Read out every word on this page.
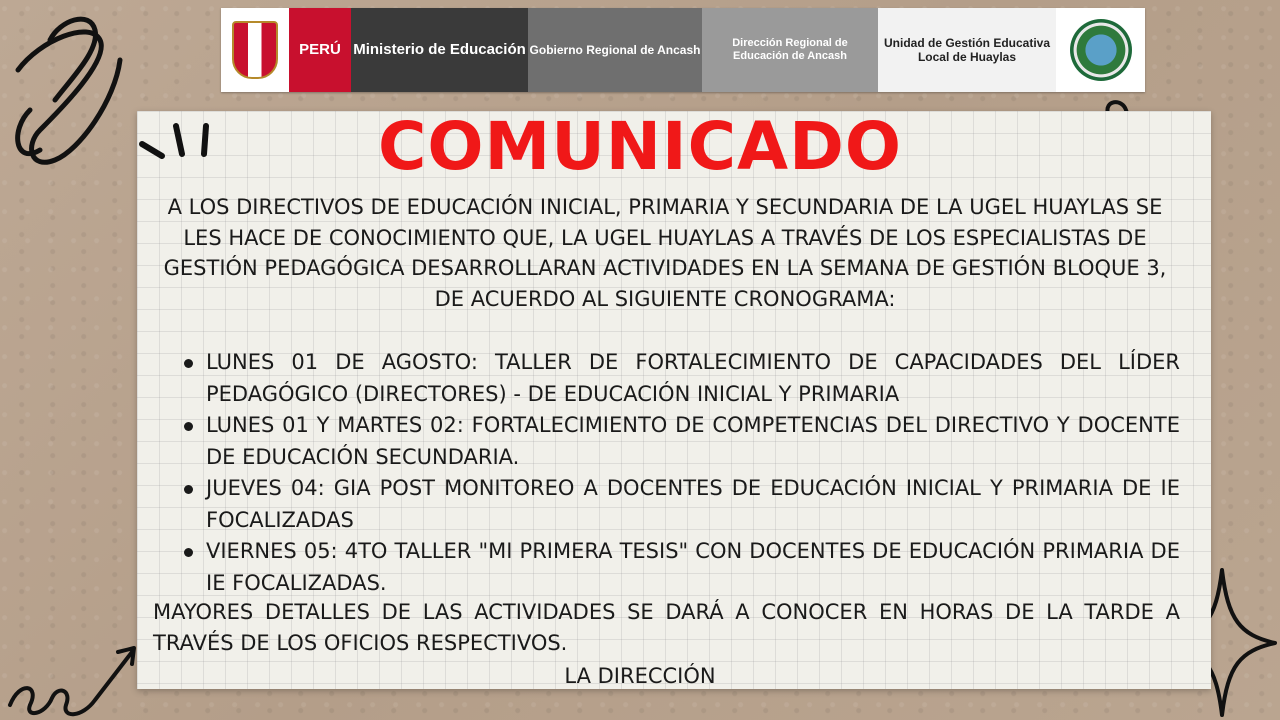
PERÚ Ministerio de Educación Gobierno Regional de Ancash	Dirección Regional de Educación de Ancash
Unidad de Gestión Educativa Local de Huaylas
COMUNICADO
A LOS DIRECTIVOS DE EDUCACIÓN INICIAL, PRIMARIA Y SECUNDARIA DE LA UGEL HUAYLAS SE LES HACE DE CONOCIMIENTO QUE, LA UGEL HUAYLAS A TRAVÉS DE LOS ESPECIALISTAS DE GESTIÓN PEDAGÓGICA DESARROLLARAN ACTIVIDADES EN LA SEMANA DE GESTIÓN BLOQUE 3, DE ACUERDO AL SIGUIENTE CRONOGRAMA:
LUNES 01 DE AGOSTO: TALLER DE FORTALECIMIENTO DE CAPACIDADES DEL LÍDER PEDAGÓGICO (DIRECTORES) - DE EDUCACIÓN INICIAL Y PRIMARIA
LUNES 01 Y MARTES 02: FORTALECIMIENTO DE COMPETENCIAS DEL DIRECTIVO Y DOCENTE DE EDUCACIÓN SECUNDARIA.
JUEVES 04: GIA POST MONITOREO A DOCENTES DE EDUCACIÓN INICIAL Y PRIMARIA DE IE FOCALIZADAS
VIERNES 05: 4TO TALLER "MI PRIMERA TESIS" CON DOCENTES DE EDUCACIÓN PRIMARIA DE IE FOCALIZADAS.
MAYORES DETALLES DE LAS ACTIVIDADES SE DARÁ A CONOCER EN HORAS DE LA TARDE A TRAVÉS DE LOS OFICIOS RESPECTIVOS.
LA DIRECCIÓN
